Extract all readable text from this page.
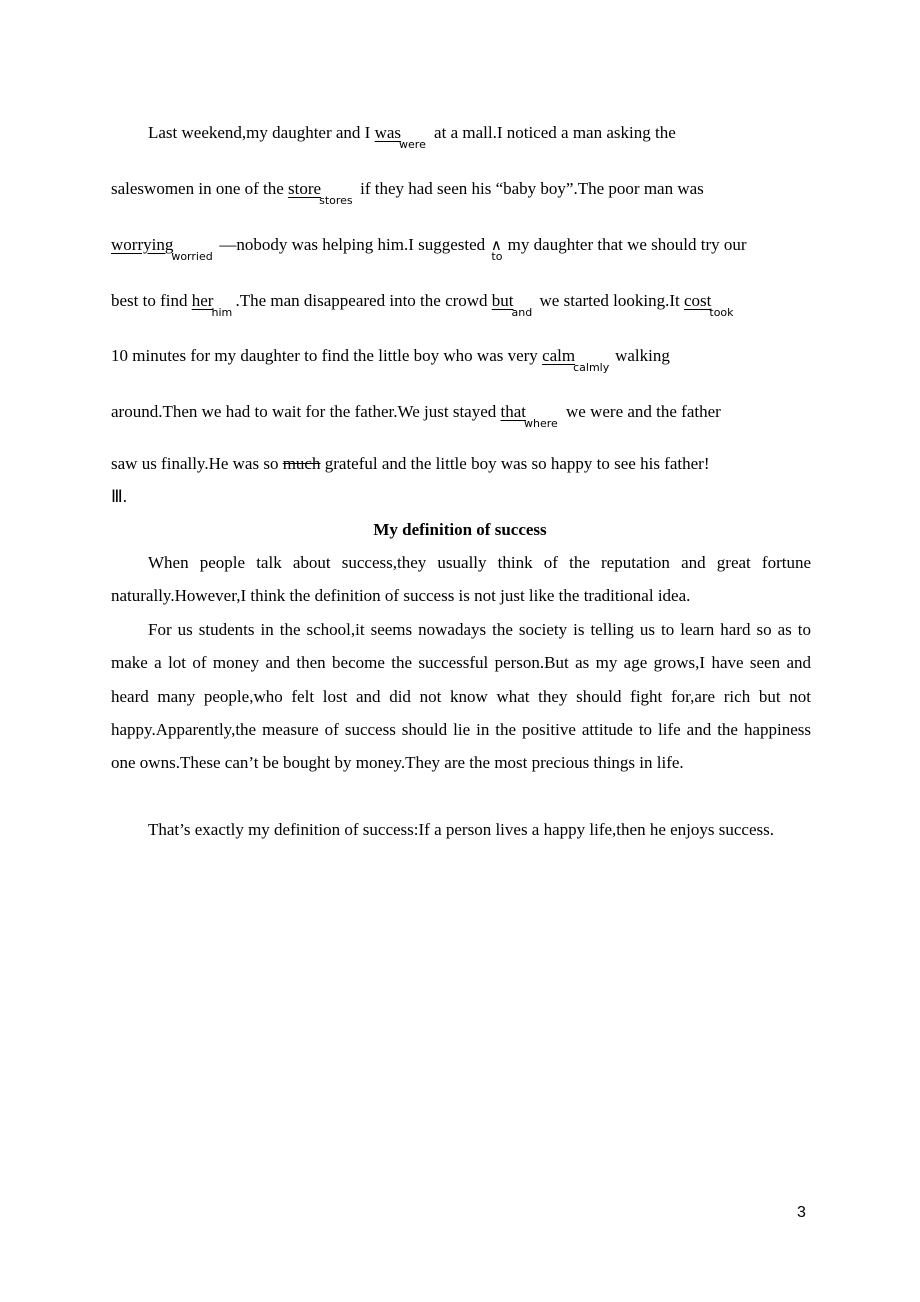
Last weekend,my daughter and I was
were
at a mall.I noticed a man asking the
saleswomen in one of the store
stores
if they had seen his “baby boy”.The poor man was
worrying
worried
—nobody was helping him.I suggested ∧
to
my daughter that we should try our
best to find her
him
.The man disappeared into the crowd but
and
we started looking.It cost
took
10 minutes for my daughter to find the little boy who was very calm
calmly
walking
around.Then we had to wait for the father.We just stayed that
where
we were and the father
saw us finally.He was so much grateful and the little boy was so happy to see his father!
Ⅲ.
My definition of success
When people talk about success,they usually think of the reputation and great fortune naturally.However,I think the definition of success is not just like the traditional idea.
For us students in the school,it seems nowadays the society is telling us to learn hard so as to make a lot of money and then become the successful person.But as my age grows,I have seen and heard many people,who felt lost and did not know what they should fight for,are rich but not happy.Apparently,the measure of success should lie in the positive attitude to life and the happiness one owns.These can’t be bought by money.They are the most precious things in life.
That’s exactly my definition of success:If a person lives a happy life,then he enjoys success.
3
